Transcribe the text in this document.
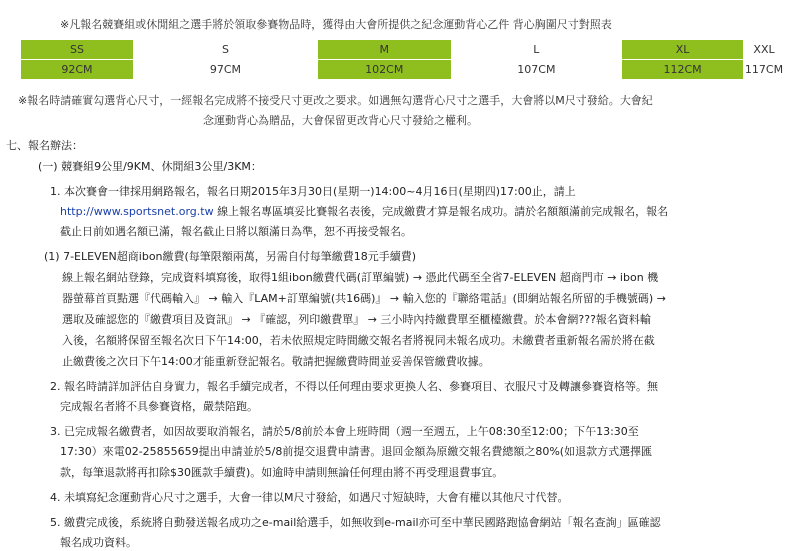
※凡報名競賽組或休閒組之選手將於領取參賽物品時，獲得由大會所提供之紀念運動背心乙件 背心胸圍尺寸對照表
SS	S	M	L	XL	XXL
92CM	97CM	102CM	107CM	112CM	117CM
※報名時請確實勾選背心尺寸，一經報名完成將不接受尺寸更改之要求。如遇無勾選背心尺寸之選手，大會將以M尺寸發給。大會紀
念運動背心為贈品，大會保留更改背心尺寸發給之權利。
七、報名辦法：
(一) 競賽組9公里/9KM、休閒組3公里/3KM：
1. 本次賽會一律採用網路報名，報名日期2015年3月30日(星期一)14:00~4月16日(星期四)17:00止，請上
http://www.sportsnet.org.tw 線上報名專區填妥比賽報名表後，完成繳費才算是報名成功。請於名額額滿前完成報名，報名
截止日前如遇名額已滿，報名截止日將以額滿日為準，恕不再接受報名。
(1) 7-ELEVEN超商ibon繳費(每筆限額兩萬，另需自付每筆繳費18元手續費)
線上報名網站登錄，完成資料填寫後，取得1組ibon繳費代碼(訂單編號) → 憑此代碼至全省7-ELEVEN 超商門市 → ibon 機
器螢幕首頁點選『代碼輸入』 → 輸入『LAM+訂單編號(共16碼)』 → 輸入您的『聯絡電話』(即網站報名所留的手機號碼) →
選取及確認您的『繳費項目及資訊』 → 『確認，列印繳費單』 → 三小時內持繳費單至櫃檯繳費。於本會網???報名資料輸
入後，名額將保留至報名次日下午14:00，若未依照規定時間繳交報名者將視同未報名成功。未繳費者重新報名需於將在截
止繳費後之次日下午14:00才能重新登記報名。敬請把握繳費時間並妥善保管繳費收據。
2. 報名時請詳加評估自身實力，報名手續完成者，不得以任何理由要求更換人名、參賽項目、衣服尺寸及轉讓參賽資格等。無
完成報名者將不具參賽資格，嚴禁陪跑。
3. 已完成報名繳費者，如因故要取消報名，請於5/8前於本會上班時間（週一至週五，上午08:30至12:00；下午13:30至
17:30）來電02-25855659提出申請並於5/8前提交退費申請書。退回金額為原繳交報名費總額之80%(如退款方式選擇匯
款，每筆退款將再扣除$30匯款手續費)。如逾時申請則無論任何理由將不再受理退費事宜。
4. 未填寫紀念運動背心尺寸之選手，大會一律以M尺寸發給，如遇尺寸短缺時，大會有權以其他尺寸代替。
5. 繳費完成後，系統將自動發送報名成功之e-mail給選手，如無收到e-mail亦可至中華民國路跑協會網站「報名查詢」區確認
報名成功資料。
